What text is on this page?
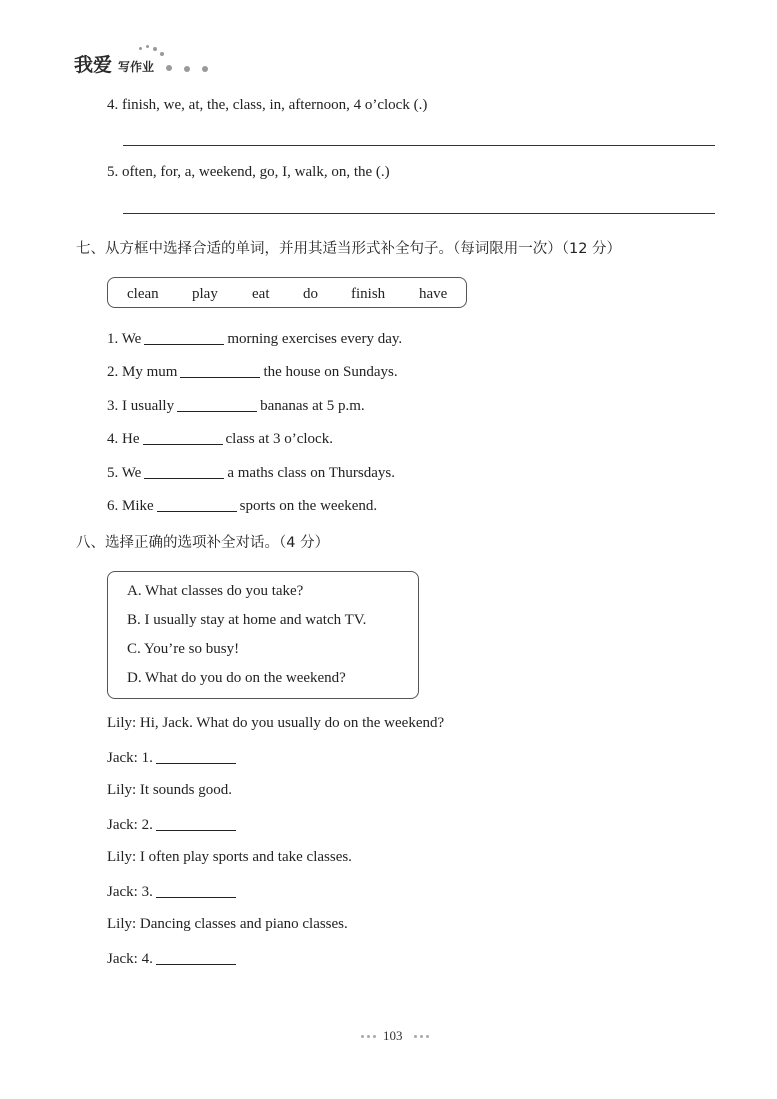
我爱 写作业
4. finish, we, at, the, class, in, afternoon, 4 o’clock (.)
5. often, for, a, weekend, go, I, walk, on, the (.)
七、从方框中选择合适的单词，并用其适当形式补全句子。（每词限用一次）（12 分）
clean play eat do finish have
1. We	morning exercises every day.
2. My mum	the house on Sundays.
3. I usually	bananas at 5 p.m.
4. He	class at 3 o’clock.
5. We	a maths class on Thursdays.
6. Mike	sports on the weekend.
八、选择正确的选项补全对话。（4 分）
A. What classes do you take?
B. I usually stay at home and watch TV.
C. You’re so busy!
D. What do you do on the weekend?
Lily: Hi, Jack. What do you usually do on the weekend?
Jack: 1.
Lily: It sounds good.
Jack: 2.
Lily: I often play sports and take classes.
Jack: 3.
Lily: Dancing classes and piano classes.
Jack: 4.
103
